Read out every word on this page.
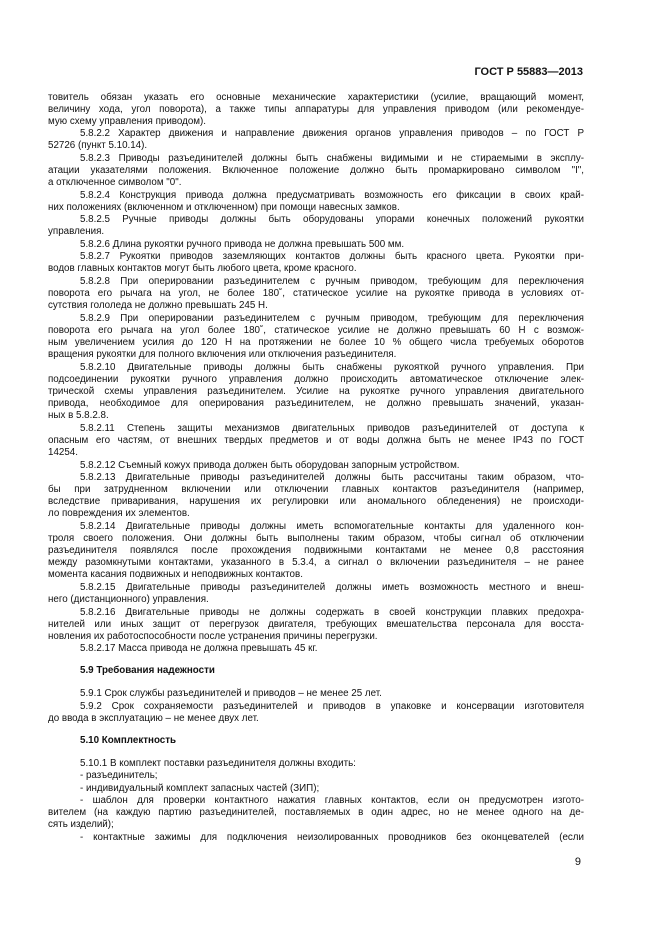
ГОСТ Р 55883—2013
товитель обязан указать его основные механические характеристики (усилие, вращающий момент,
величину хода, угол поворота), а также типы аппаратуры для управления приводом (или рекомендуе-
мую схему управления приводом).
5.8.2.2 Характер движения и направление движения органов управления приводов – по ГОСТ Р
52726 (пункт 5.10.14).
5.8.2.3 Приводы разъединителей должны быть снабжены видимыми и не стираемыми в эксплу-
атации указателями положения. Включенное положение должно быть промаркировано символом "I",
а отключенное символом "0".
5.8.2.4 Конструкция привода должна предусматривать возможность его фиксации в своих край-
них положениях (включенном и отключенном) при помощи навесных замков.
5.8.2.5 Ручные приводы должны быть оборудованы упорами конечных положений рукоятки
управления.
5.8.2.6 Длина рукоятки ручного привода не должна превышать 500 мм.
5.8.2.7 Рукоятки приводов заземляющих контактов должны быть красного цвета. Рукоятки при-
водов главных контактов могут быть любого цвета, кроме красного.
5.8.2.8 При оперировании разъединителем c ручным приводом, требующим для переключения
поворота его рычага на угол, не более 180˚, статическое усилие на рукоятке привода в условиях от-
сутствия гололеда не должно превышать 245 Н.
5.8.2.9 При оперировании разъединителем c ручным приводом, требующим для переключения
поворота его рычага на угол более 180˚, статическое усилие не должно превышать 60 Н с возмож-
ным увеличением усилия до 120 Н на протяжении не более 10 % общего числа требуемых оборотов
вращения рукоятки для полного включения или отключения разъединителя.
5.8.2.10 Двигательные приводы должны быть снабжены рукояткой ручного управления. При
подсоединении рукоятки ручного управления должно происходить автоматическое отключение элек-
трической схемы управления разъединителем. Усилие на рукоятке ручного управления двигательного
привода, необходимое для оперирования разъединителем, не должно превышать значений, указан-
ных в 5.8.2.8.
5.8.2.11 Степень защиты механизмов двигательных приводов разъединителей от доступа к
опасным его частям, от внешних твердых предметов и от воды должна быть не менее IP43 по ГОСТ
14254.
5.8.2.12 Съемный кожух привода должен быть оборудован запорным устройством.
5.8.2.13 Двигательные приводы разъединителей должны быть рассчитаны таким образом, что-
бы при затрудненном включении или отключении главных контактов разъединителя (например,
вследствие приваривания, нарушения их регулировки или аномального обледенения) не происходи-
ло повреждения их элементов.
5.8.2.14 Двигательные приводы должны иметь вспомогательные контакты для удаленного кон-
троля своего положения. Они должны быть выполнены таким образом, чтобы сигнал об отключении
разъединителя появлялся после прохождения подвижными контактами не менее 0,8 расстояния
между разомкнутыми контактами, указанного в 5.3.4, а сигнал о включении разъединителя – не ранее
момента касания подвижных и неподвижных контактов.
5.8.2.15 Двигательные приводы разъединителей должны иметь возможность местного и внеш-
него (дистанционного) управления.
5.8.2.16 Двигательные приводы не должны содержать в своей конструкции плавких предохра-
нителей или иных защит от перегрузок двигателя, требующих вмешательства персонала для восста-
новления их работоспособности после устранения причины перегрузки.
5.8.2.17 Масса привода не должна превышать 45 кг.
5.9 Требования надежности
5.9.1 Срок службы разъединителей и приводов – не менее 25 лет.
5.9.2 Срок сохраняемости разъединителей и приводов в упаковке и консервации изготовителя
до ввода в эксплуатацию – не менее двух лет.
5.10 Комплектность
5.10.1 В комплект поставки разъединителя должны входить:
- разъединитель;
- индивидуальный комплект запасных частей (ЗИП);
- шаблон для проверки контактного нажатия главных контактов, если он предусмотрен изгото-
вителем (на каждую партию разъединителей, поставляемых в один адрес, но не менее одного на де-
сять изделий);
- контактные зажимы для подключения неизолированных проводников без оконцевателей (если
9
